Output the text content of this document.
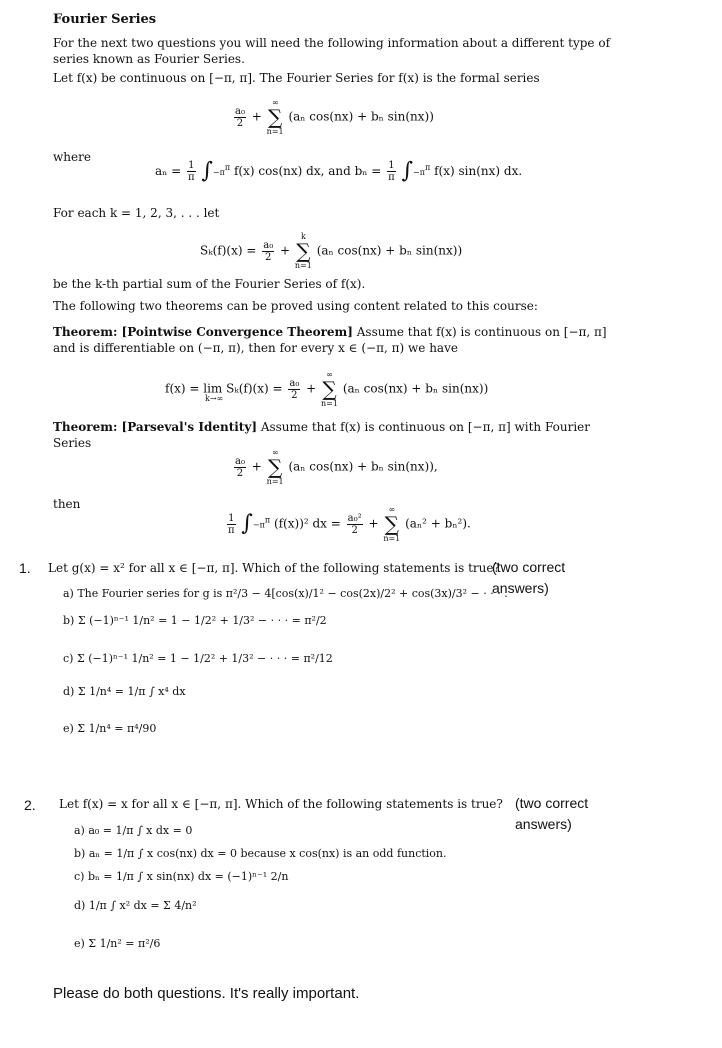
Fourier Series
For the next two questions you will need the following information about a different type of series known as Fourier Series.
Let f(x) be continuous on [−π, π]. The Fourier Series for f(x) is the formal series
$\frac{\text{a₀}}{2}$ +
∞
∑
n=1
(aₙ cos(nx) + bₙ sin(nx))
where
$a_n = \frac{1}{\pi} \int-\pi^\pi$ f(x) cos(nx) dx, and $b_n = \frac{1}{\pi} \int-\pi^\pi$ f(x) sin(nx) dx.
For each k = 1, 2, 3, . . . let
$S_k(f)(x) = \frac{\text{a₀}}{2}$ +
k
∑
n=1
(aₙ cos(nx) + bₙ sin(nx))
be the k-th partial sum of the Fourier Series of f(x).
The following two theorems can be proved using content related to this course:
Theorem: [Pointwise Convergence Theorem] Assume that f(x) is continuous on [−π, π] and is differentiable on (−π, π), then for every x ∈ (−π, π) we have
$f(x) = \lim S_k(f)(x) = \frac{\text{a₀}}{2}$ +
∞
∑
n=1
(aₙ cos(nx) + bₙ sin(nx))
k→∞
Theorem: [Parseval's Identity] Assume that f(x) is continuous on [−π, π] with Fourier Series
$\frac{\text{a₀}}{2}$ +
∞
∑
n=1
(aₙ cos(nx) + bₙ sin(nx)),
then
$\frac{1}{\pi} \int-\pi^\pi$ (f(x))² dx = $\frac{\text{a₀²}}{2}$ +
∞
∑
n=1
(aₙ² + bₙ²).
1. Let g(x) = x² for all x ∈ [−π, π]. Which of the following statements is true?
(two correct answers)
a) The Fourier series for g is π²/3 − 4[cos(x)/1² − cos(2x)/2² + cos(3x)/3² − · · · .
b) Σ (−1)ⁿ⁻¹ 1/n² = 1 − 1/2² + 1/3² − · · · = π²/2
c) Σ (−1)ⁿ⁻¹ 1/n² = 1 − 1/2² + 1/3² − · · · = π²/12
d) Σ 1/n⁴ = 1/π ∫ x⁴ dx
e) Σ 1/n⁴ = π⁴/90
2. Let f(x) = x for all x ∈ [−π, π]. Which of the following statements is true? (two correct answers)
a) a₀ = 1/π ∫ x dx = 0
b) aₙ = 1/π ∫ x cos(nx) dx = 0 because x cos(nx) is an odd function.
c) bₙ = 1/π ∫ x sin(nx) dx = (−1)ⁿ⁻¹ 2/n
d) 1/π ∫ x² dx = Σ 4/n²
e) Σ 1/n² = π²/6
Please do both questions. It's really important.
